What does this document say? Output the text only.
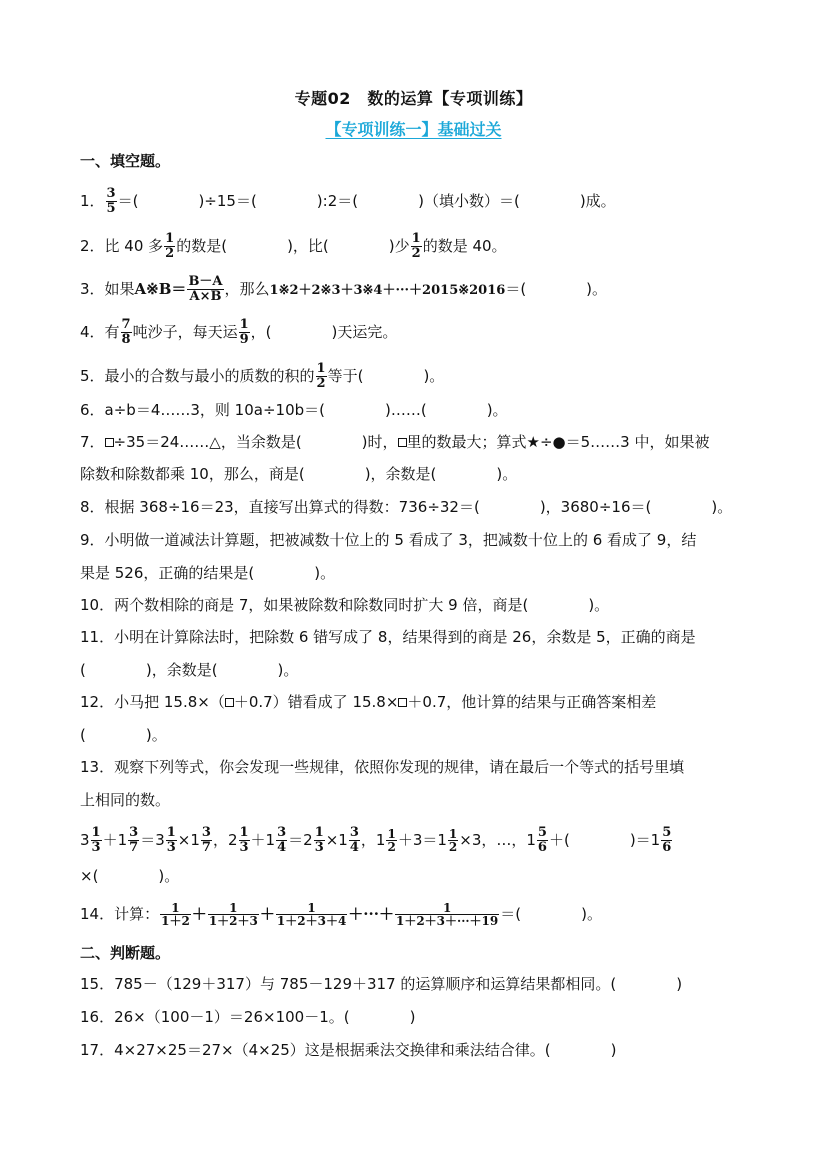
专题02　数的运算【专项训练】
【专项训练一】基础过关
一、填空题。
1． $\frac{3}{5}$ ＝(　　　　)÷15＝(　　　　):2＝(　　　　)（填小数）＝(　　　　)成。
2．比 40 多 $\frac{1}{2}$ 的数是(　　　　)，比(　　　　)少 $\frac{1}{2}$ 的数是 40。
3．如果A※B＝ $\frac{B-A}{A\times B}$ ，那么1※2＋2※3＋3※4＋···＋2015※2016＝(　　　　)。
4．有 $\frac{7}{8}$ 吨沙子，每天运 $\frac{1}{9}$ ，(　　　　)天运完。
5．最小的合数与最小的质数的积的 $\frac{1}{2}$ 等于(　　　　)。
6．a÷b＝4……3，则 10a÷10b＝(　　　　)……(　　　　)。
7． ÷35＝24……△，当余数是(　　　　)时， 里的数最大；算式★÷●＝5……3 中，如果被
除数和除数都乘 10，那么，商是(　　　　)，余数是(　　　　)。
8．根据 368÷16＝23，直接写出算式的得数：736÷32＝(　　　　)，3680÷16＝(　　　　)。
9．小明做一道减法计算题，把被减数十位上的 5 看成了 3，把减数十位上的 6 看成了 9，结
果是 526，正确的结果是(　　　　)。
10．两个数相除的商是 7，如果被除数和除数同时扩大 9 倍，商是(　　　　)。
11．小明在计算除法时，把除数 6 错写成了 8，结果得到的商是 26，余数是 5，正确的商是
(　　　　)，余数是(　　　　)。
12．小马把 15.8×（ ＋0.7）错看成了 15.8× ＋0.7，他计算的结果与正确答案相差
(　　　　)。
13．观察下列等式，你会发现一些规律，依照你发现的规律，请在最后一个等式的括号里填
上相同的数。
$3 \frac{1}{3} +1 \frac{3}{7} =3 \frac{1}{3} \times 1 \frac{3}{7}$ ，$2 \frac{1}{3} +1 \frac{3}{4} =2 \frac{1}{3} \times 1 \frac{3}{4}$ ，$1 \frac{1}{2} +3=1 \frac{1}{2} \times 3$，…，$1 \frac{5}{6}$ ＋(　　　　)$=1 \frac{5}{6}$
×(　　　　)。
14．计算： $\frac{1}{1+2} + \frac{1}{1+2+3} + \frac{1}{1+2+3+4}$ ＋···＋ $\frac{1}{1+2+3+\cdot\cdot\cdot+19}$ ＝(　　　　)。
二、判断题。
15．785－（129＋317）与 785－129＋317 的运算顺序和运算结果都相同。(　　　　)
16．26×（100－1）＝26×100－1。(　　　　)
17．4×27×25＝27×（4×25）这是根据乘法交换律和乘法结合律。(　　　　)
